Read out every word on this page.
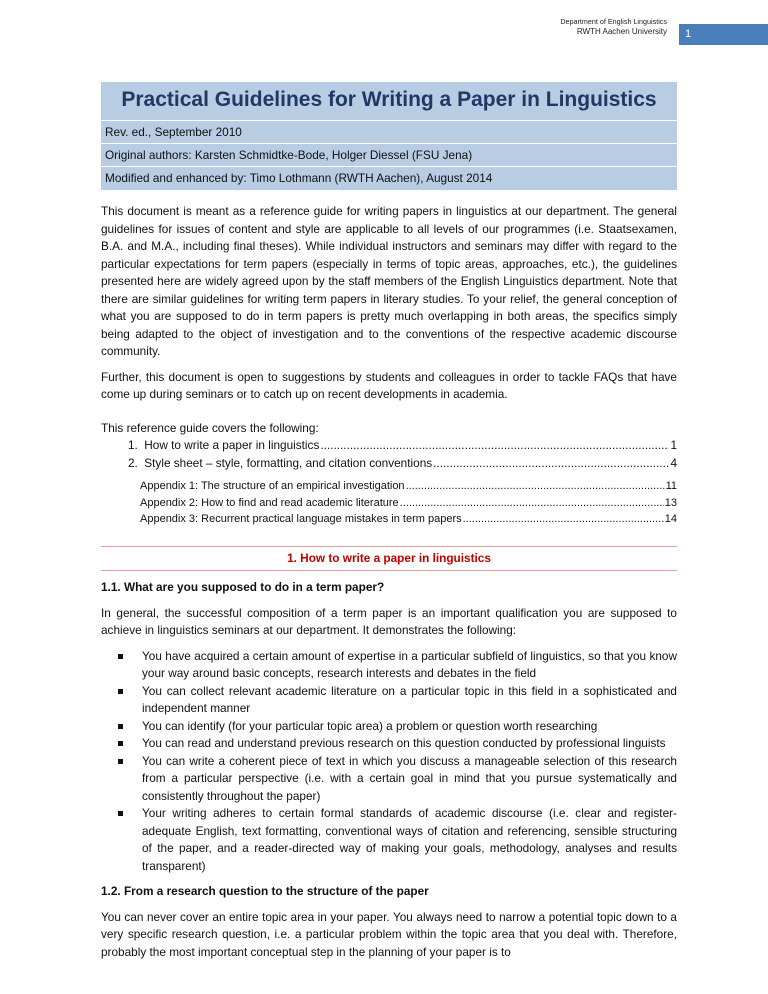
Department of English Linguistics
RWTH Aachen University	1
Practical Guidelines for Writing a Paper in Linguistics
Rev. ed., September 2010
Original authors: Karsten Schmidtke-Bode, Holger Diessel (FSU Jena)
Modified and enhanced by: Timo Lothmann (RWTH Aachen), August 2014

This document is meant as a reference guide for writing papers in linguistics at our department. The general guidelines for issues of content and style are applicable to all levels of our programmes (i.e. Staatsexamen, B.A. and M.A., including final theses). While individual instructors and seminars may differ with regard to the particular expectations for term papers (especially in terms of topic areas, approaches, etc.), the guidelines presented here are widely agreed upon by the staff members of the English Linguistics department. Note that there are similar guidelines for writing term papers in literary studies. To your relief, the general conception of what you are supposed to do in term papers is pretty much overlapping in both areas, the specifics simply being adapted to the object of investigation and to the conventions of the respective academic discourse community.

Further, this document is open to suggestions by students and colleagues in order to tackle FAQs that have come up during seminars or to catch up on recent developments in academia.

This reference guide covers the following:
1. How to write a paper in linguistics .....	1
2. Style sheet – style, formatting, and citation conventions .....	4
Appendix 1: The structure of an empirical investigation .....	11
Appendix 2: How to find and read academic literature .....	13
Appendix 3: Recurrent practical language mistakes in term papers .....	14
1. How to write a paper in linguistics
1.1. What are you supposed to do in a term paper?

In general, the successful composition of a term paper is an important qualification you are supposed to achieve in linguistics seminars at our department. It demonstrates the following:

You have acquired a certain amount of expertise in a particular subfield of linguistics, so that you know your way around basic concepts, research interests and debates in the field
You can collect relevant academic literature on a particular topic in this field in a sophisticated and independent manner
You can identify (for your particular topic area) a problem or question worth researching
You can read and understand previous research on this question conducted by professional linguists
You can write a coherent piece of text in which you discuss a manageable selection of this research from a particular perspective (i.e. with a certain goal in mind that you pursue systematically and consistently throughout the paper)
Your writing adheres to certain formal standards of academic discourse (i.e. clear and register-adequate English, text formatting, conventional ways of citation and referencing, sensible structuring of the paper, and a reader-directed way of making your goals, methodology, analyses and results transparent)
1.2. From a research question to the structure of the paper

You can never cover an entire topic area in your paper. You always need to narrow a potential topic down to a very specific research question, i.e. a particular problem within the topic area that you deal with. Therefore, probably the most important conceptual step in the planning of your paper is to
